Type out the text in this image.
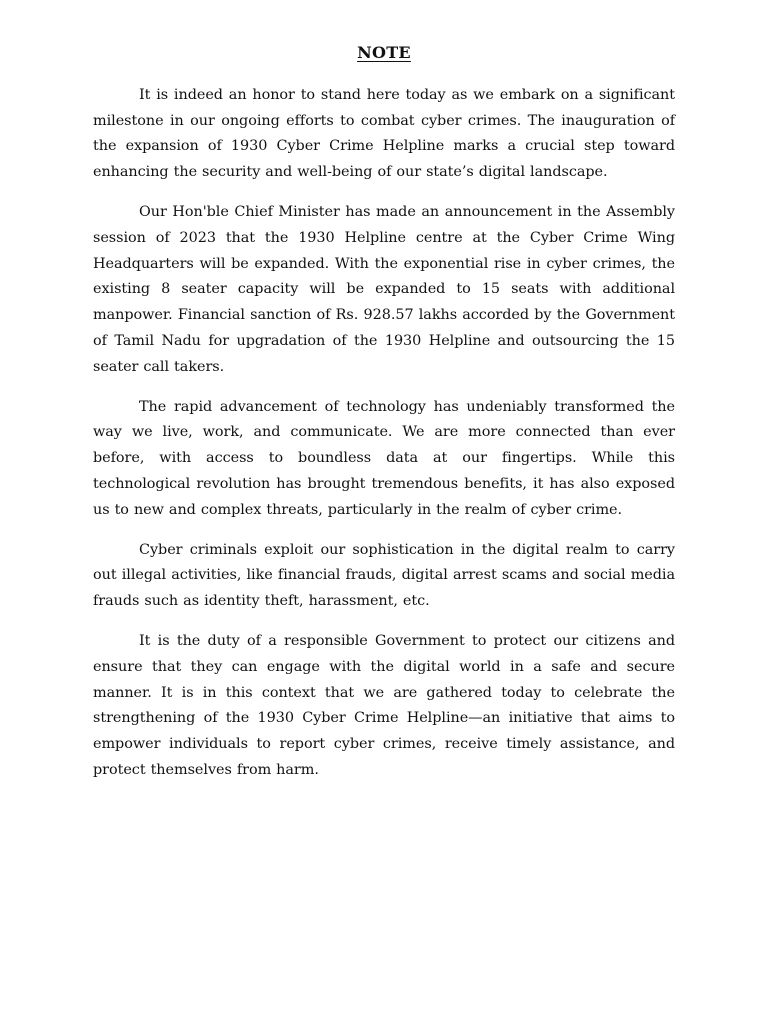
NOTE

It is indeed an honor to stand here today as we embark on a significant milestone in our ongoing efforts to combat cyber crimes. The inauguration of the expansion of 1930 Cyber Crime Helpline marks a crucial step toward enhancing the security and well-being of our state’s digital landscape.

Our Hon'ble Chief Minister has made an announcement in the Assembly session of 2023 that the 1930 Helpline centre at the Cyber Crime Wing Headquarters will be expanded. With the exponential rise in cyber crimes, the existing 8 seater capacity will be expanded to 15 seats with additional manpower. Financial sanction of Rs. 928.57 lakhs accorded by the Government of Tamil Nadu for upgradation of the 1930 Helpline and outsourcing the 15 seater call takers.

The rapid advancement of technology has undeniably transformed the way we live, work, and communicate. We are more connected than ever before, with access to boundless data at our fingertips. While this technological revolution has brought tremendous benefits, it has also exposed us to new and complex threats, particularly in the realm of cyber crime.

Cyber criminals exploit our sophistication in the digital realm to carry out illegal activities, like financial frauds, digital arrest scams and social media frauds such as identity theft, harassment, etc.

It is the duty of a responsible Government to protect our citizens and ensure that they can engage with the digital world in a safe and secure manner. It is in this context that we are gathered today to celebrate the strengthening of the 1930 Cyber Crime Helpline—an initiative that aims to empower individuals to report cyber crimes, receive timely assistance, and protect themselves from harm.
